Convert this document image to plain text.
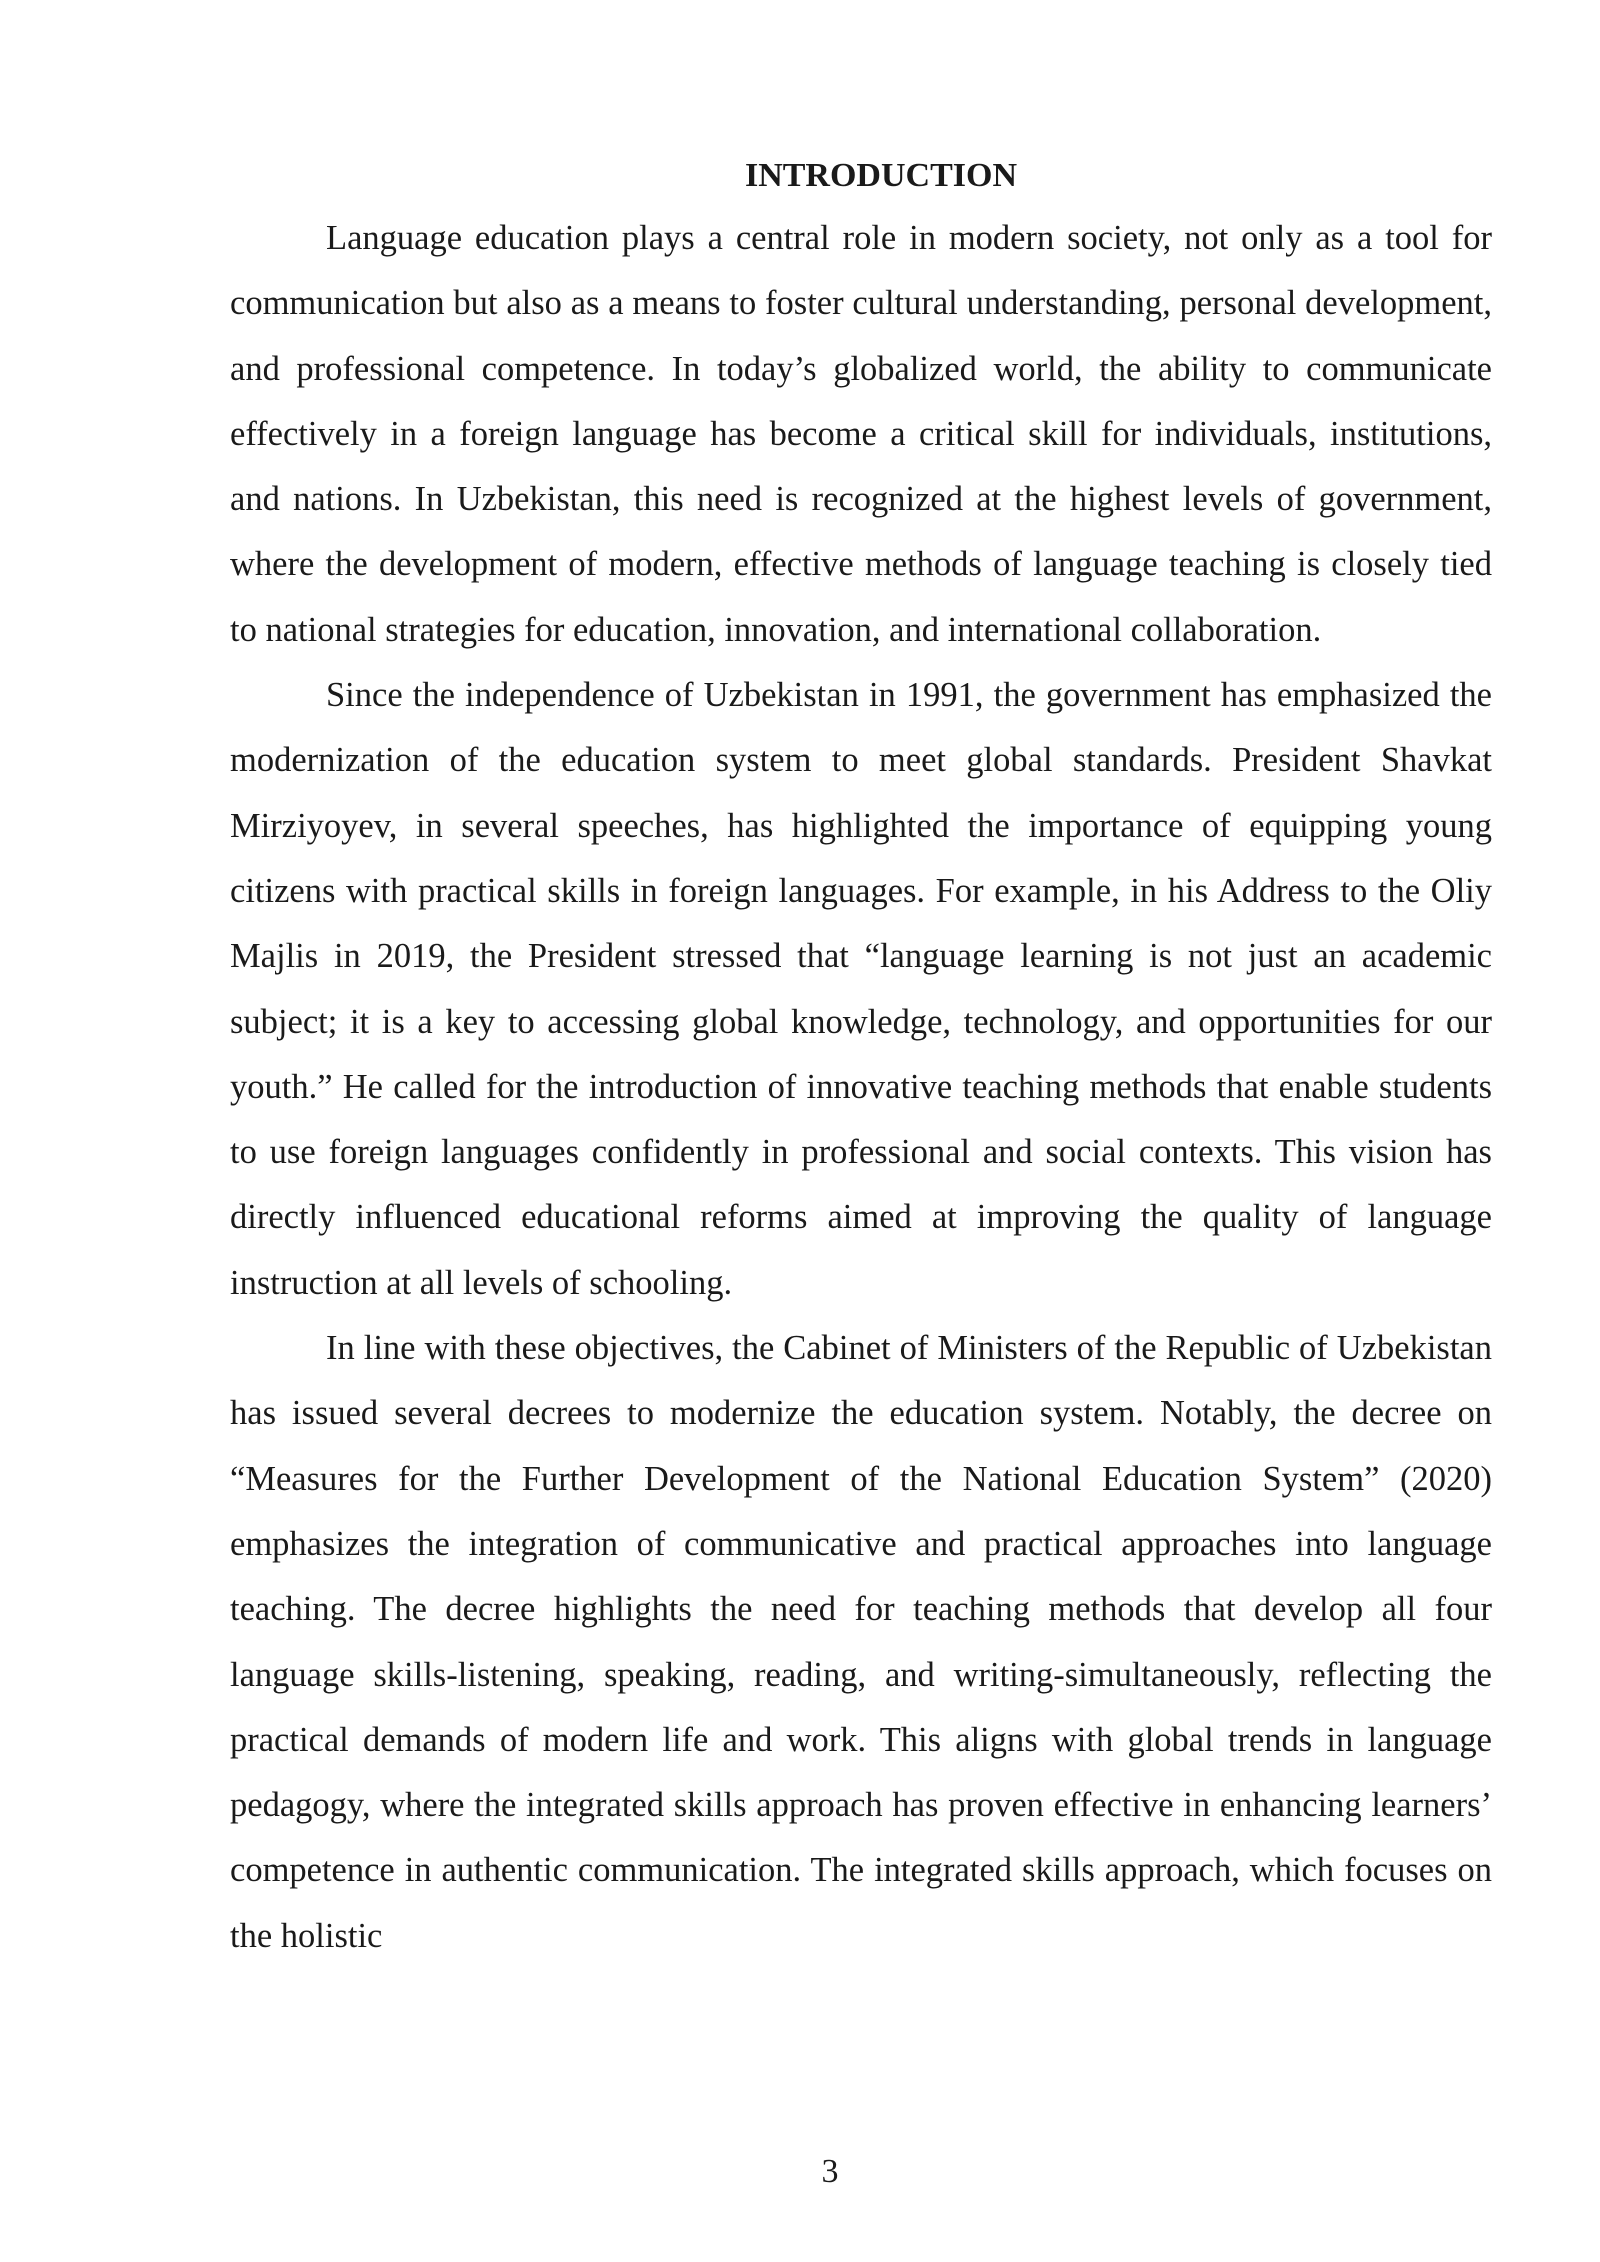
INTRODUCTION

Language education plays a central role in modern society, not only as a tool for communication but also as a means to foster cultural understanding, personal development, and professional competence. In today’s globalized world, the ability to communicate effectively in a foreign language has become a critical skill for individuals, institutions, and nations. In Uzbekistan, this need is recognized at the highest levels of government, where the development of modern, effective methods of language teaching is closely tied to national strategies for education, innovation, and international collaboration.

Since the independence of Uzbekistan in 1991, the government has emphasized the modernization of the education system to meet global standards. President Shavkat Mirziyoyev, in several speeches, has highlighted the importance of equipping young citizens with practical skills in foreign languages. For example, in his Address to the Oliy Majlis in 2019, the President stressed that “language learning is not just an academic subject; it is a key to accessing global knowledge, technology, and opportunities for our youth.” He called for the introduction of innovative teaching methods that enable students to use foreign languages confidently in professional and social contexts. This vision has directly influenced educational reforms aimed at improving the quality of language instruction at all levels of schooling.

In line with these objectives, the Cabinet of Ministers of the Republic of Uzbekistan has issued several decrees to modernize the education system. Notably, the decree on “Measures for the Further Development of the National Education System” (2020) emphasizes the integration of communicative and practical approaches into language teaching. The decree highlights the need for teaching methods that develop all four language skills-listening, speaking, reading, and writing-simultaneously, reflecting the practical demands of modern life and work. This aligns with global trends in language pedagogy, where the integrated skills approach has proven effective in enhancing learners’ competence in authentic communication. The integrated skills approach, which focuses on the holistic

3
